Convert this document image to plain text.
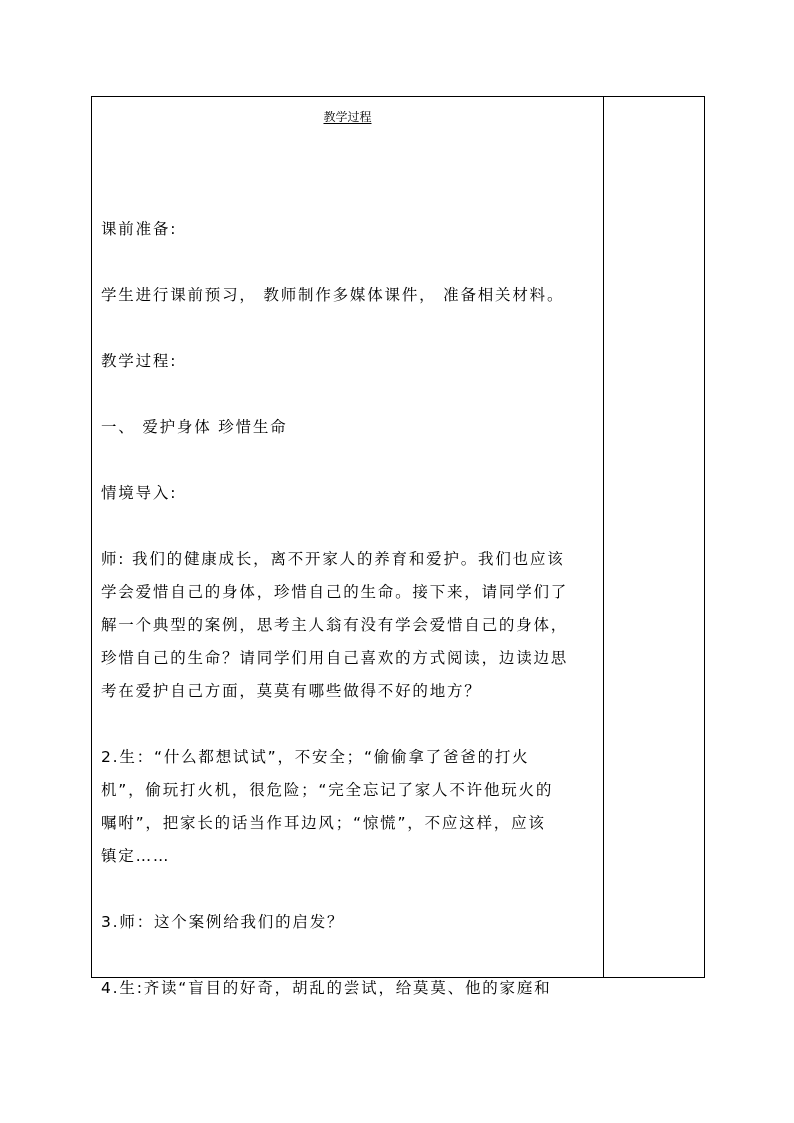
教学过程

课前准备:

学生进行课前预习， 教师制作多媒体课件， 准备相关材料。

教学过程:

一、 爱护身体 珍惜生命

情境导入:

师: 我们的健康成长，离不开家人的养育和爱护。我们也应该
学会爱惜自己的身体，珍惜自己的生命。接下来，请同学们了
解一个典型的案例，思考主人翁有没有学会爱惜自己的身体，
珍惜自己的生命？请同学们用自己喜欢的方式阅读，边读边思
考在爱护自己方面，莫莫有哪些做得不好的地方？

2.生：“什么都想试试”，不安全；“偷偷拿了爸爸的打火
机”，偷玩打火机，很危险；“完全忘记了家人不许他玩火的
嘱咐”，把家长的话当作耳边风；“惊慌”，不应这样，应该
镇定……

3.师：这个案例给我们的启发？

4.生:齐读“盲目的好奇，胡乱的尝试，给莫莫、他的家庭和
